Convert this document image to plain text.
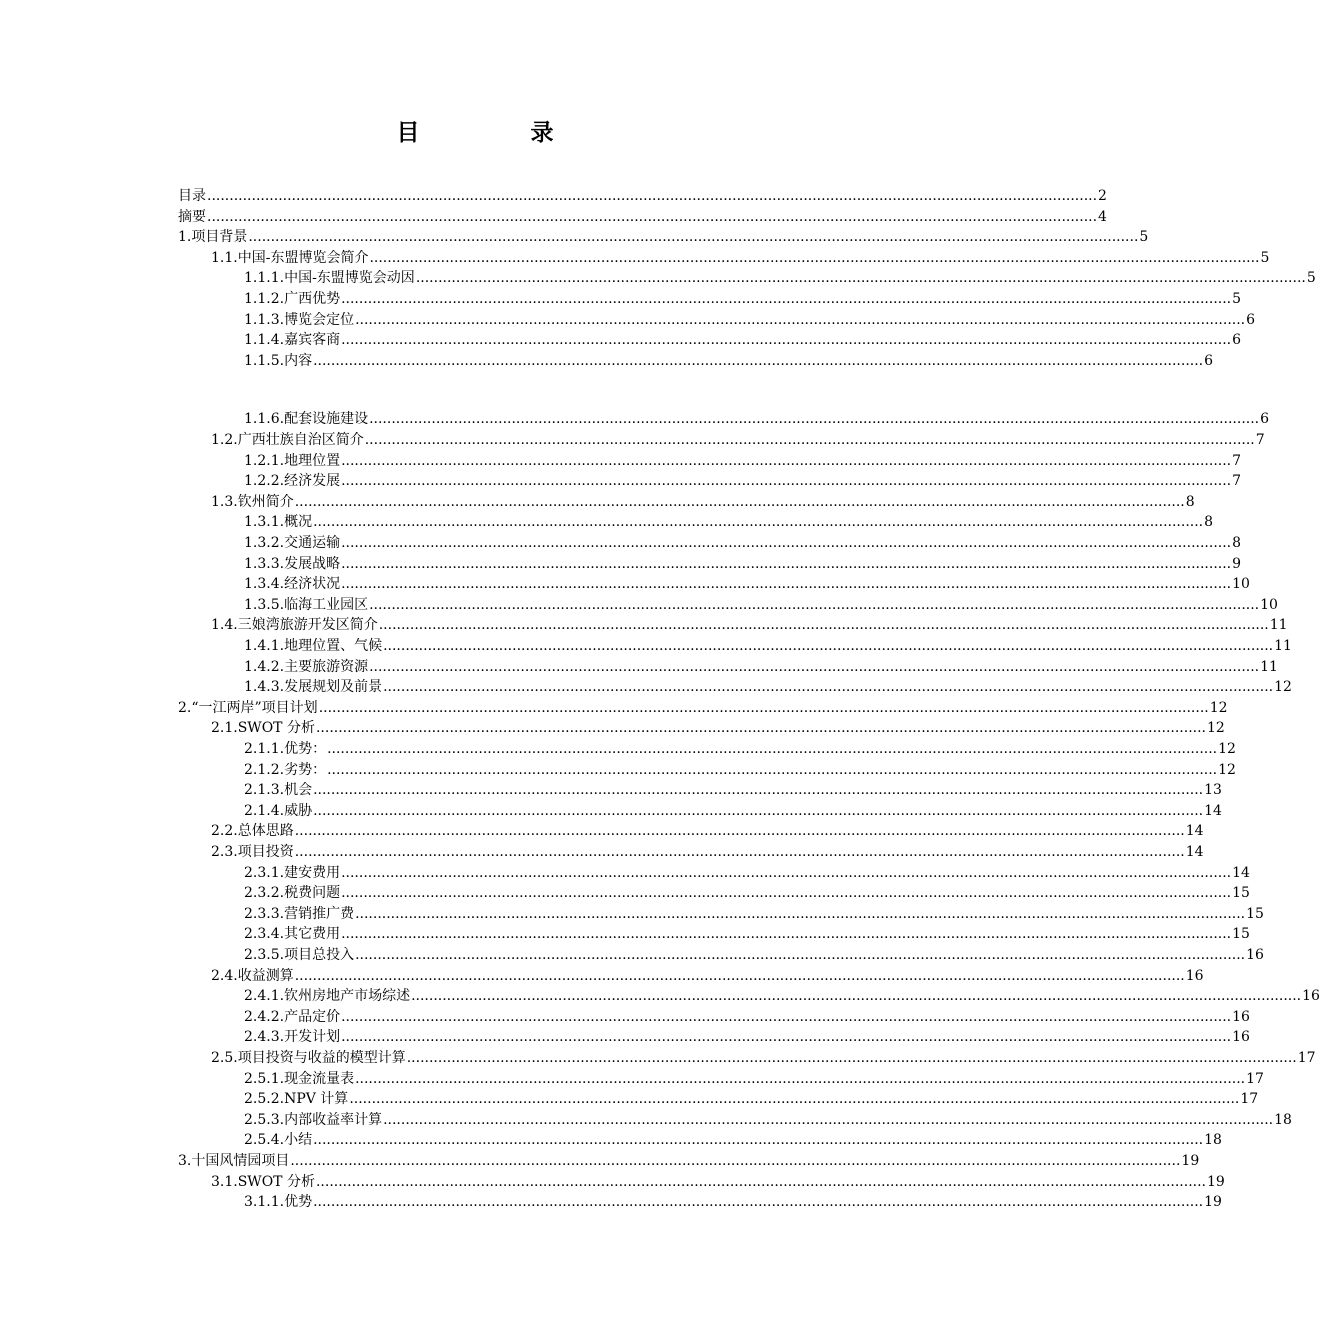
目　录
目 录 ........................................................................................................................................................................................................ 2
摘 要 ........................................................................................................................................................................................................ 4
1. 项目背景 ........................................................................................................................................................................................................ 5
1.1. 中国-东盟博览会简介 ........................................................................................................................................................................................................ 5
1.1.1. 中国-东盟博览会动因 ........................................................................................................................................................................................................ 5
1.1.2. 广西优势 ........................................................................................................................................................................................................ 5
1.1.3. 博览会定位 ........................................................................................................................................................................................................ 6
1.1.4. 嘉宾客商 ........................................................................................................................................................................................................ 6
1.1.5. 内容 ........................................................................................................................................................................................................ 6
1.1.6. 配套设施建设 ........................................................................................................................................................................................................ 6
1.2. 广西壮族自治区简介 ........................................................................................................................................................................................................ 7
1.2.1. 地理位置 ........................................................................................................................................................................................................ 7
1.2.2. 经济发展 ........................................................................................................................................................................................................ 7
1.3. 钦州简介 ........................................................................................................................................................................................................ 8
1.3.1. 概况 ........................................................................................................................................................................................................ 8
1.3.2. 交通运输 ........................................................................................................................................................................................................ 8
1.3.3. 发展战略 ........................................................................................................................................................................................................ 9
1.3.4. 经济状况 ........................................................................................................................................................................................................ 10
1.3.5. 临海工业园区 ........................................................................................................................................................................................................ 10
1.4. 三娘湾旅游开发区简介 ........................................................................................................................................................................................................ 11
1.4.1. 地理位置、气候 ........................................................................................................................................................................................................ 11
1.4.2. 主要旅游资源 ........................................................................................................................................................................................................ 11
1.4.3. 发展规划及前景 ........................................................................................................................................................................................................ 12
2. “一江两岸”项目计划 ........................................................................................................................................................................................................ 12
2.1. SWOT 分析 ........................................................................................................................................................................................................ 12
2.1.1. 优势： ........................................................................................................................................................................................................ 12
2.1.2. 劣势： ........................................................................................................................................................................................................ 12
2.1.3. 机会 ........................................................................................................................................................................................................ 13
2.1.4. 威胁 ........................................................................................................................................................................................................ 14
2.2. 总体思路 ........................................................................................................................................................................................................ 14
2.3. 项目投资 ........................................................................................................................................................................................................ 14
2.3.1. 建安费用 ........................................................................................................................................................................................................ 14
2.3.2. 税费问题 ........................................................................................................................................................................................................ 15
2.3.3. 营销推广费 ........................................................................................................................................................................................................ 15
2.3.4. 其它费用 ........................................................................................................................................................................................................ 15
2.3.5. 项目总投入 ........................................................................................................................................................................................................ 16
2.4. 收益测算 ........................................................................................................................................................................................................ 16
2.4.1. 钦州房地产市场综述 ........................................................................................................................................................................................................ 16
2.4.2. 产品定价 ........................................................................................................................................................................................................ 16
2.4.3. 开发计划 ........................................................................................................................................................................................................ 16
2.5. 项目投资与收益的模型计算 ........................................................................................................................................................................................................ 17
2.5.1. 现金流量表 ........................................................................................................................................................................................................ 17
2.5.2. NPV 计算 ........................................................................................................................................................................................................ 17
2.5.3. 内部收益率计算 ........................................................................................................................................................................................................ 18
2.5.4. 小结 ........................................................................................................................................................................................................ 18
3. 十国风情园项目 ........................................................................................................................................................................................................ 19
3.1. SWOT 分析 ........................................................................................................................................................................................................ 19
3.1.1. 优势 ........................................................................................................................................................................................................ 19
